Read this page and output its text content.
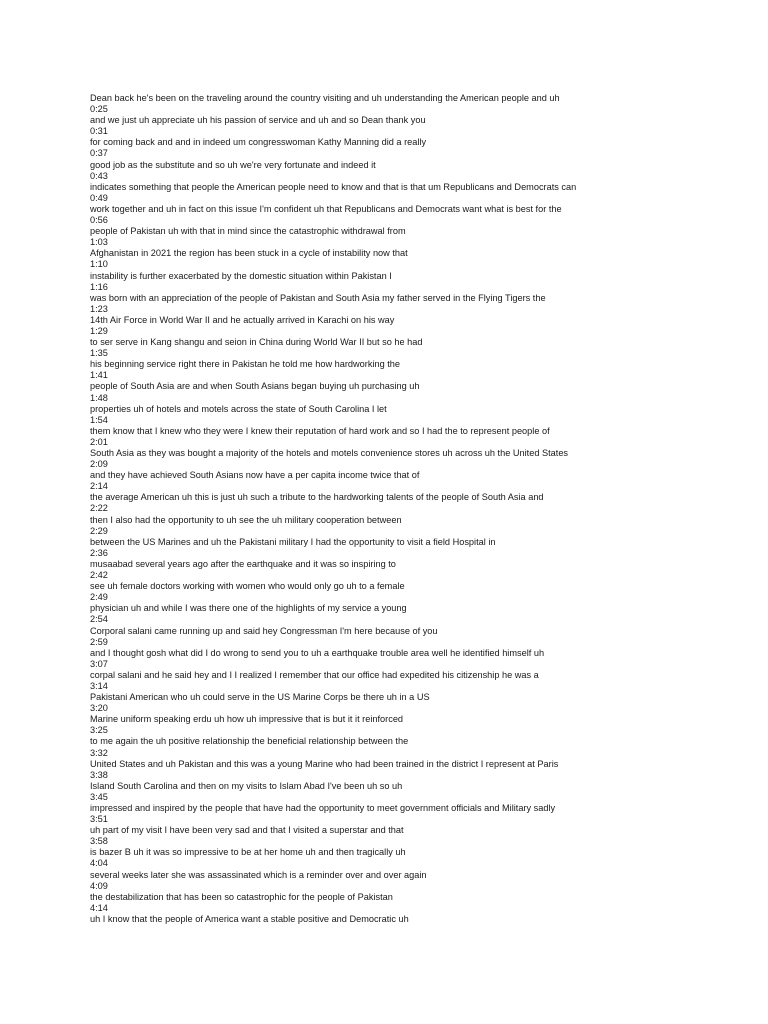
Dean back he's been on the traveling around the country visiting and uh understanding the American people and uh
0:25
and we just uh appreciate uh his passion of service and uh and so Dean thank you
0:31
for coming back and and in indeed um congresswoman Kathy Manning did a really
0:37
good job as the substitute and so uh we're very fortunate and indeed it
0:43
indicates something that people the American people need to know and that is that um Republicans and Democrats can
0:49
work together and uh in fact on this issue I'm confident uh that Republicans and Democrats want what is best for the
0:56
people of Pakistan uh with that in mind since the catastrophic withdrawal from
1:03
Afghanistan in 2021 the region has been stuck in a cycle of instability now that
1:10
instability is further exacerbated by the domestic situation within Pakistan I
1:16
was born with an appreciation of the people of Pakistan and South Asia my father served in the Flying Tigers the
1:23
14th Air Force in World War II and he actually arrived in Karachi on his way
1:29
to ser serve in Kang shangu and seion in China during World War II but so he had
1:35
his beginning service right there in Pakistan he told me how hardworking the
1:41
people of South Asia are and when South Asians began buying uh purchasing uh
1:48
properties uh of hotels and motels across the state of South Carolina I let
1:54
them know that I knew who they were I knew their reputation of hard work and so I had the to represent people of
2:01
South Asia as they was bought a majority of the hotels and motels convenience stores uh across uh the United States
2:09
and they have achieved South Asians now have a per capita income twice that of
2:14
the average American uh this is just uh such a tribute to the hardworking talents of the people of South Asia and
2:22
then I also had the opportunity to uh see the uh military cooperation between
2:29
between the US Marines and uh the Pakistani military I had the opportunity to visit a field Hospital in
2:36
musaabad several years ago after the earthquake and it was so inspiring to
2:42
see uh female doctors working with women who would only go uh to a female
2:49
physician uh and while I was there one of the highlights of my service a young
2:54
Corporal salani came running up and said hey Congressman I'm here because of you
2:59
and I thought gosh what did I do wrong to send you to uh a earthquake trouble area well he identified himself uh
3:07
corpal salani and he said hey and I I realized I remember that our office had expedited his citizenship he was a
3:14
Pakistani American who uh could serve in the US Marine Corps be there uh in a US
3:20
Marine uniform speaking erdu uh how uh impressive that is but it it reinforced
3:25
to me again the uh positive relationship the beneficial relationship between the
3:32
United States and uh Pakistan and this was a young Marine who had been trained in the district I represent at Paris
3:38
Island South Carolina and then on my visits to Islam Abad I've been uh so uh
3:45
impressed and inspired by the people that have had the opportunity to meet government officials and Military sadly
3:51
uh part of my visit I have been very sad and that I visited a superstar and that
3:58
is bazer B uh it was so impressive to be at her home uh and then tragically uh
4:04
several weeks later she was assassinated which is a reminder over and over again
4:09
the destabilization that has been so catastrophic for the people of Pakistan
4:14
uh I know that the people of America want a stable positive and Democratic uh
